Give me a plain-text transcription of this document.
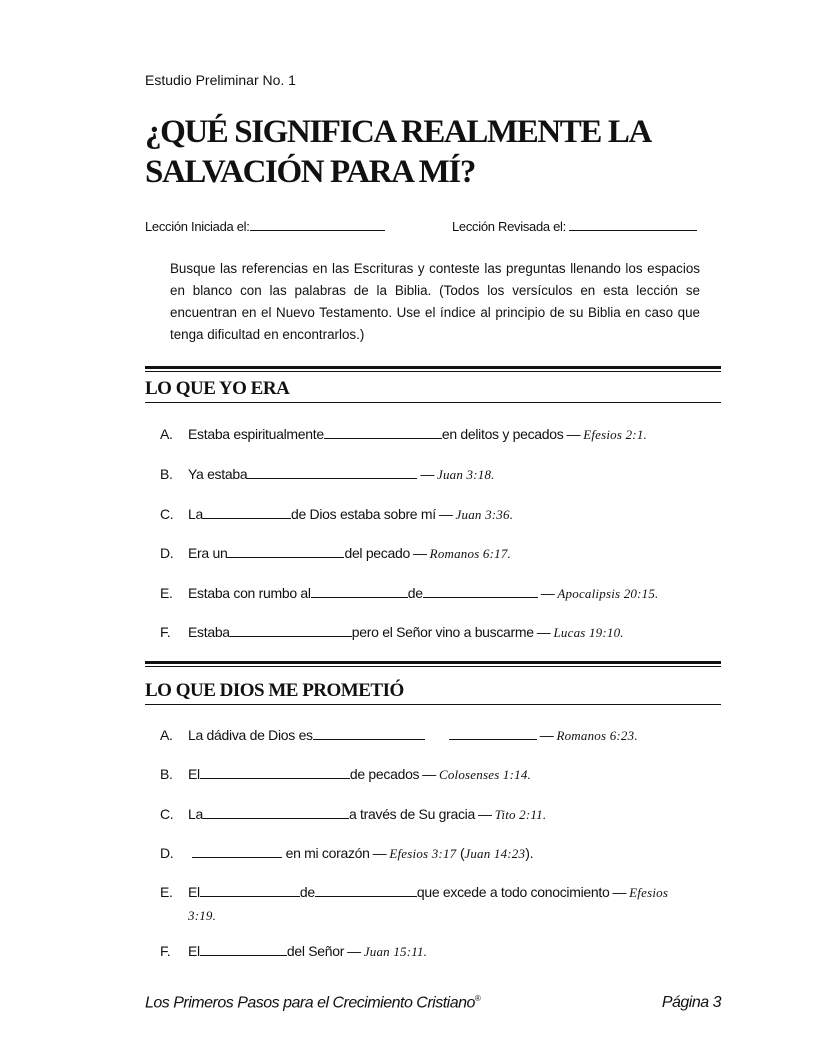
Estudio Preliminar No. 1
¿QUÉ SIGNIFICA REALMENTE LA
SALVACIÓN PARA MÍ?
Lección Iniciada el:	Lección Revisada el:
Busque las referencias en las Escrituras y conteste las preguntas llenando los espacios en blanco con las palabras de la Biblia. (Todos los versículos en esta lección se encuentran en el Nuevo Testamento. Use el índice al principio de su Biblia en caso que tenga dificultad en encontrarlos.)
LO QUE YO ERA
A. Estaba espiritualmente	en delitos y pecados — Efesios 2:1.
B. Ya estaba	— Juan 3:18.
C. La	de Dios estaba sobre mí — Juan 3:36.
D. Era un	del pecado — Romanos 6:17.
E. Estaba con rumbo al	de	— Apocalipsis 20:15.
F. Estaba	pero el Señor vino a buscarme — Lucas 19:10.
LO QUE DIOS ME PROMETIÓ
A. La dádiva de Dios es	— Romanos 6:23.
B. El	de pecados — Colosenses 1:14.
C. La	a través de Su gracia — Tito 2:11.
D.	en mi corazón — Efesios 3:17 (Juan 14:23).
E. El	de	que excede a todo conocimiento — Efesios
3:19.
F. El	del Señor — Juan 15:11.
Los Primeros Pasos para el Crecimiento Cristiano®	Página 3
